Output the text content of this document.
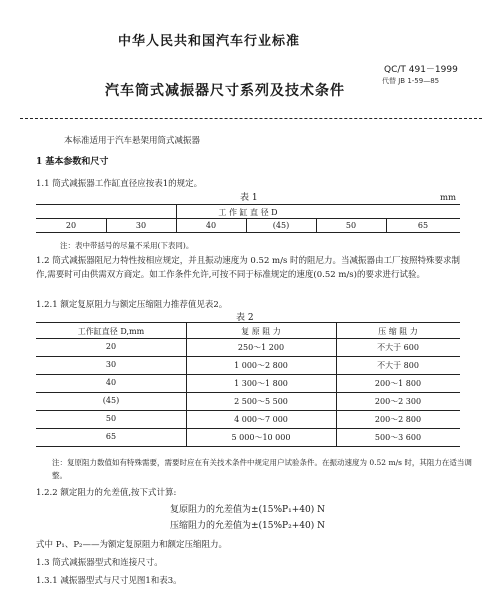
中华人民共和国汽车行业标准
QC/T 491－1999
代替 JB 1-59—85
汽车筒式减振器尺寸系列及技术条件
本标准适用于汽车悬架用筒式减振器
1 基本参数和尺寸
1.1 筒式减振器工作缸直径应按表1的规定。
表 1	mm
工 作 缸 直 径 D
20	30	40	(45)	50	65
注：表中带括号的尽量不采用(下表同)。
1.2 筒式减振器阻尼力特性按相应规定，并且振动速度为 0.52 m/s 时的阻尼力。当减振器由工厂按照特殊要求制作,需要时可由供需双方商定。如工作条件允许,可按不同于标准规定的速度(0.52 m/s)的要求进行试验。
1.2.1 额定复原阻力与额定压缩阻力推荐值见表2。
表 2
工作缸直径 D,mm	复 原 阻 力	压 缩 阻 力
20	250～1 200	不大于 600
30	1 000～2 800	不大于 800
40	1 300～1 800	200～1 800
(45)	2 500～5 500	200～2 300
50	4 000～7 000	200～2 800
65	5 000～10 000	500～3 600
注：复原阻力数值如有特殊需要，需要时应在有关技术条件中规定用户试验条件。在振动速度为 0.52 m/s 时，其阻力在适当调整。
1.2.2 额定阻力的允差值,按下式计算:
复原阻力的允差值为±(15%P₁+40) N
压缩阻力的允差值为±(15%P₂+40) N
式中 P₁、P₂——为额定复原阻力和额定压缩阻力。
1.3 筒式减振器型式和连接尺寸。
1.3.1 减振器型式与尺寸见图1和表3。
